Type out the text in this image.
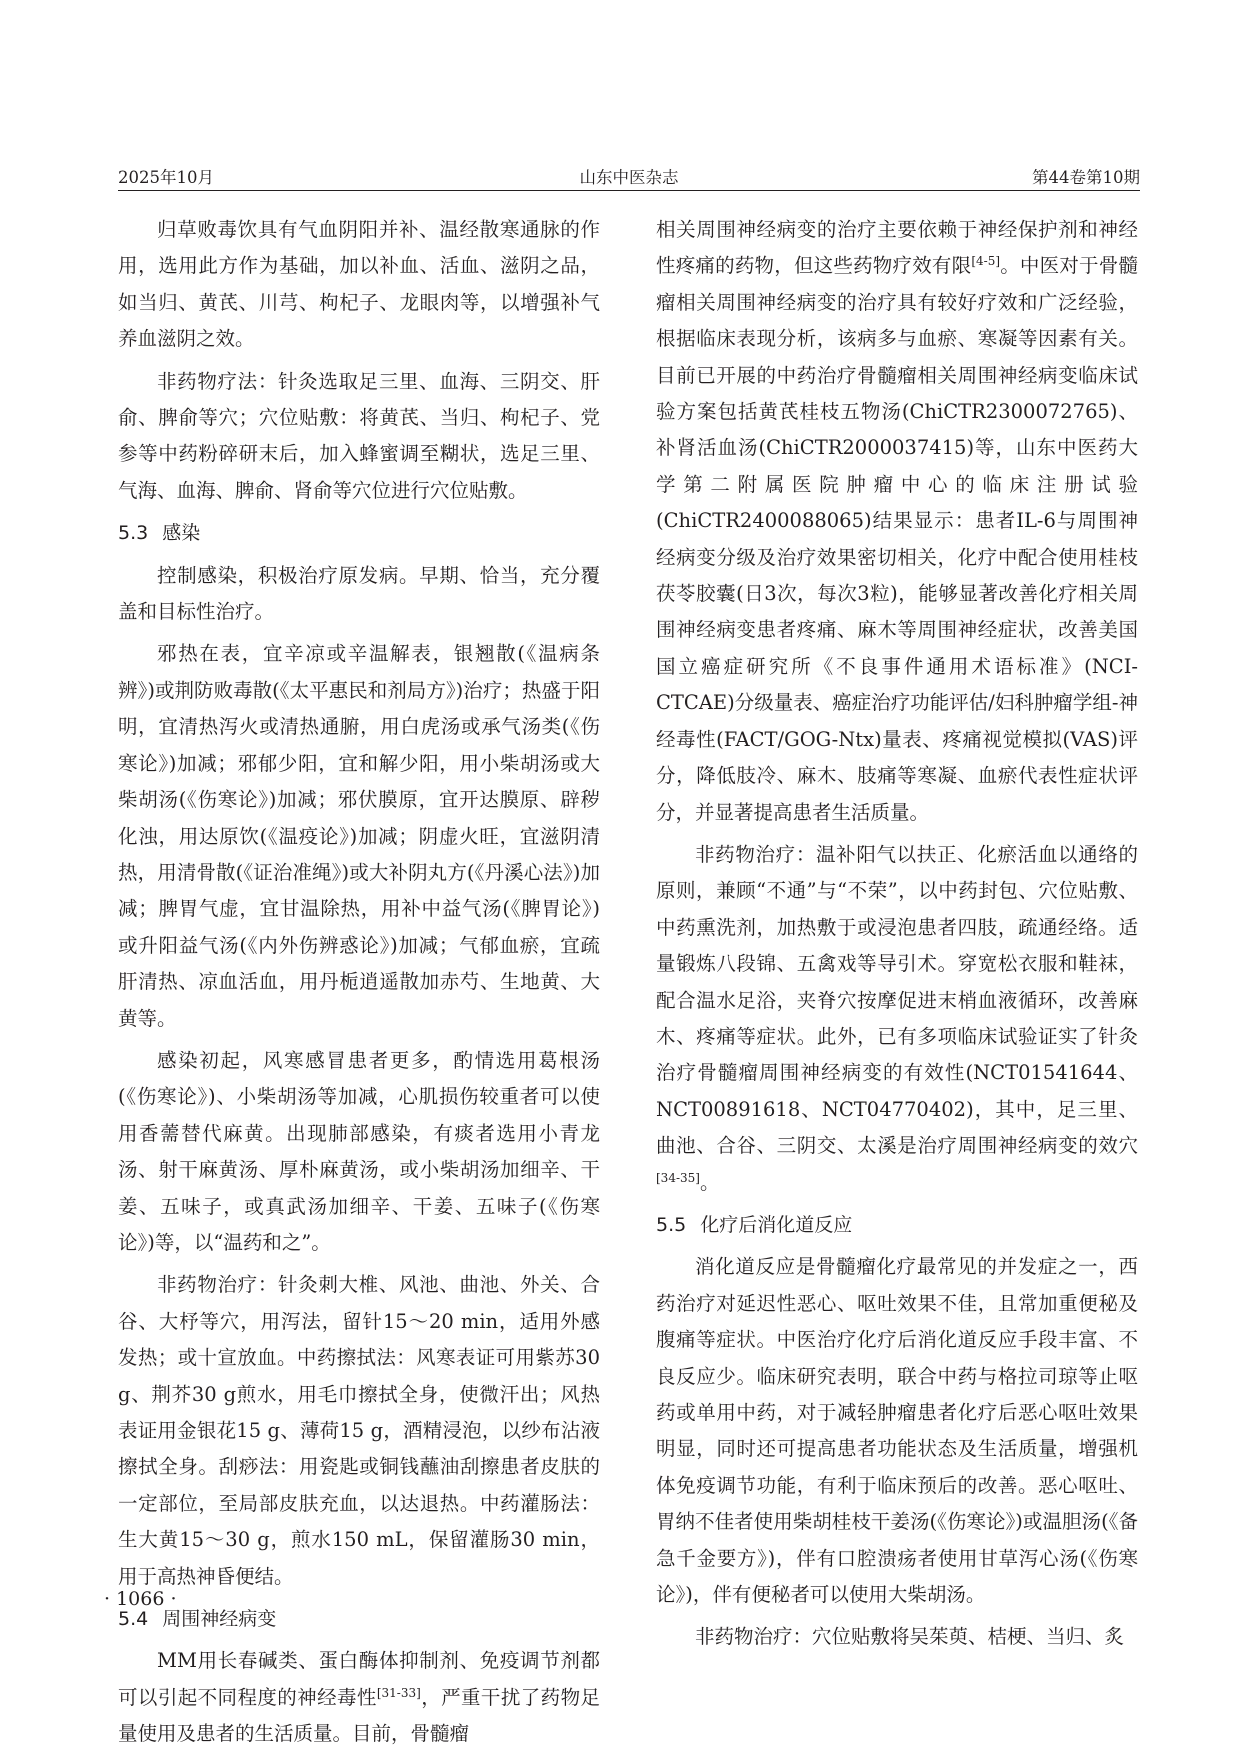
2025年10月	山东中医杂志	第44卷第10期

归草败毒饮具有气血阴阳并补、温经散寒通脉的作用，选用此方作为基础，加以补血、活血、滋阴之品，如当归、黄芪、川芎、枸杞子、龙眼肉等，以增强补气养血滋阴之效。

非药物疗法：针灸选取足三里、血海、三阴交、肝俞、脾俞等穴；穴位贴敷：将黄芪、当归、枸杞子、党参等中药粉碎研末后，加入蜂蜜调至糊状，选足三里、气海、血海、脾俞、肾俞等穴位进行穴位贴敷。

5.3 感染

控制感染，积极治疗原发病。早期、恰当，充分覆盖和目标性治疗。

邪热在表，宜辛凉或辛温解表，银翘散(《温病条辨》)或荆防败毒散(《太平惠民和剂局方》)治疗；热盛于阳明，宜清热泻火或清热通腑，用白虎汤或承气汤类(《伤寒论》)加减；邪郁少阳，宜和解少阳，用小柴胡汤或大柴胡汤(《伤寒论》)加减；邪伏膜原，宜开达膜原、辟秽化浊，用达原饮(《温疫论》)加减；阴虚火旺，宜滋阴清热，用清骨散(《证治准绳》)或大补阴丸方(《丹溪心法》)加减；脾胃气虚，宜甘温除热，用补中益气汤(《脾胃论》)或升阳益气汤(《内外伤辨惑论》)加减；气郁血瘀，宜疏肝清热、凉血活血，用丹栀逍遥散加赤芍、生地黄、大黄等。

感染初起，风寒感冒患者更多，酌情选用葛根汤(《伤寒论》)、小柴胡汤等加减，心肌损伤较重者可以使用香薷替代麻黄。出现肺部感染，有痰者选用小青龙汤、射干麻黄汤、厚朴麻黄汤，或小柴胡汤加细辛、干姜、五味子，或真武汤加细辛、干姜、五味子(《伤寒论》)等，以“温药和之”。

非药物治疗：针灸刺大椎、风池、曲池、外关、合谷、大杼等穴，用泻法，留针15～20 min，适用外感发热；或十宣放血。中药擦拭法：风寒表证可用紫苏30 g、荆芥30 g煎水，用毛巾擦拭全身，使微汗出；风热表证用金银花15 g、薄荷15 g，酒精浸泡，以纱布沾液擦拭全身。刮痧法：用瓷匙或铜钱蘸油刮擦患者皮肤的一定部位，至局部皮肤充血，以达退热。中药灌肠法：生大黄15～30 g，煎水150 mL，保留灌肠30 min，用于高热神昏便结。

5.4 周围神经病变

MM用长春碱类、蛋白酶体抑制剂、免疫调节剂都可以引起不同程度的神经毒性[31-33]，严重干扰了药物足量使用及患者的生活质量。目前，骨髓瘤

相关周围神经病变的治疗主要依赖于神经保护剂和神经性疼痛的药物，但这些药物疗效有限[4-5]。中医对于骨髓瘤相关周围神经病变的治疗具有较好疗效和广泛经验，根据临床表现分析，该病多与血瘀、寒凝等因素有关。目前已开展的中药治疗骨髓瘤相关周围神经病变临床试验方案包括黄芪桂枝五物汤(ChiCTR2300072765)、补肾活血汤(ChiCTR2000037415)等，山东中医药大学第二附属医院肿瘤中心的临床注册试验(ChiCTR2400088065)结果显示：患者IL-6与周围神经病变分级及治疗效果密切相关，化疗中配合使用桂枝茯苓胶囊(日3次，每次3粒)，能够显著改善化疗相关周围神经病变患者疼痛、麻木等周围神经症状，改善美国国立癌症研究所《不良事件通用术语标准》(NCI-CTCAE)分级量表、癌症治疗功能评估/妇科肿瘤学组-神经毒性(FACT/GOG-Ntx)量表、疼痛视觉模拟(VAS)评分，降低肢冷、麻木、肢痛等寒凝、血瘀代表性症状评分，并显著提高患者生活质量。

非药物治疗：温补阳气以扶正、化瘀活血以通络的原则，兼顾“不通”与“不荣”，以中药封包、穴位贴敷、中药熏洗剂，加热敷于或浸泡患者四肢，疏通经络。适量锻炼八段锦、五禽戏等导引术。穿宽松衣服和鞋袜，配合温水足浴，夹脊穴按摩促进末梢血液循环，改善麻木、疼痛等症状。此外，已有多项临床试验证实了针灸治疗骨髓瘤周围神经病变的有效性(NCT01541644、NCT00891618、NCT04770402)，其中，足三里、曲池、合谷、三阴交、太溪是治疗周围神经病变的效穴[34-35]。

5.5 化疗后消化道反应

消化道反应是骨髓瘤化疗最常见的并发症之一，西药治疗对延迟性恶心、呕吐效果不佳，且常加重便秘及腹痛等症状。中医治疗化疗后消化道反应手段丰富、不良反应少。临床研究表明，联合中药与格拉司琼等止呕药或单用中药，对于减轻肿瘤患者化疗后恶心呕吐效果明显，同时还可提高患者功能状态及生活质量，增强机体免疫调节功能，有利于临床预后的改善。恶心呕吐、胃纳不佳者使用柴胡桂枝干姜汤(《伤寒论》)或温胆汤(《备急千金要方》)，伴有口腔溃疡者使用甘草泻心汤(《伤寒论》)，伴有便秘者可以使用大柴胡汤。

非药物治疗：穴位贴敷将吴茱萸、桔梗、当归、炙

· 1066 ·
